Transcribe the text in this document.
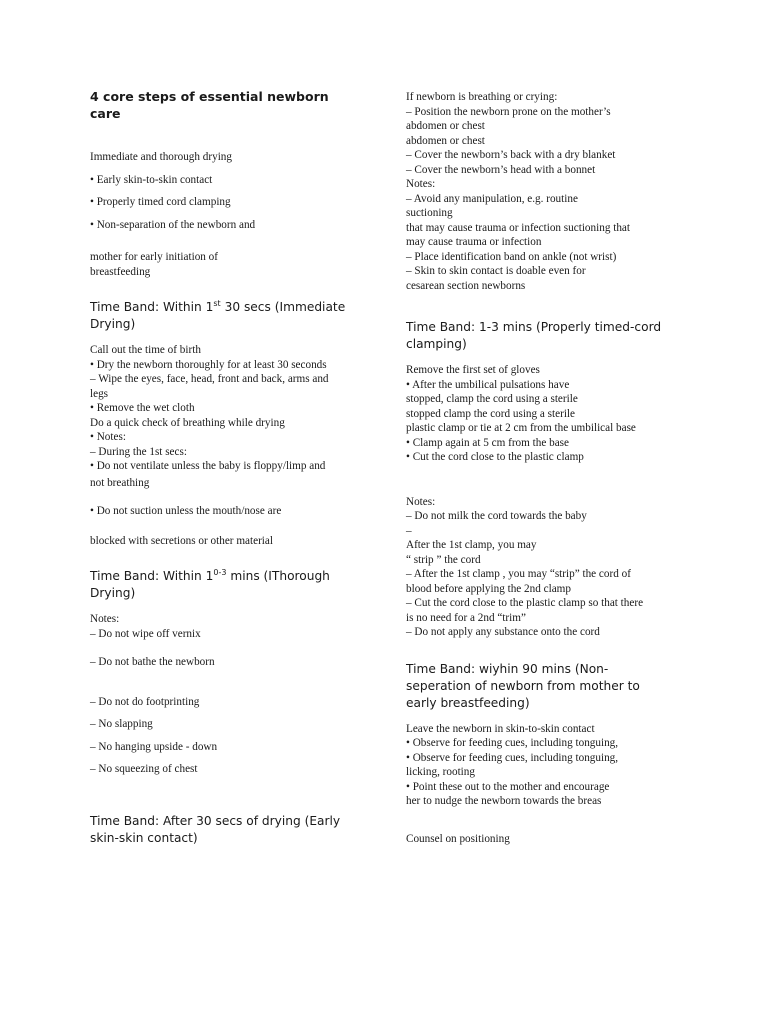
4 core steps of essential newborn care

Immediate and thorough drying
• Early skin-to-skin contact
• Properly timed cord clamping
• Non-separation of the newborn and
mother for early initiation of
breastfeeding

Time Band: Within 1st 30 secs (Immediate
Drying)

Call out the time of birth
• Dry the newborn thoroughly for at least 30 seconds
– Wipe the eyes, face, head, front and back, arms and
legs
• Remove the wet cloth
Do a quick check of breathing while drying
• Notes:
– During the 1st secs:
• Do not ventilate unless the baby is floppy/limp and
not breathing
• Do not suction unless the mouth/nose are
blocked with secretions or other material

Time Band: Within 1$^{0-3}$ mins (IThorough
Drying)

Notes:
– Do not wipe off vernix
– Do not bathe the newborn
– Do not do footprinting
– No slapping
– No hanging upside - down
– No squeezing of chest

Time Band: After 30 secs of drying (Early
skin-skin contact)

If newborn is breathing or crying:
– Position the newborn prone on the mother’s
abdomen or chest
abdomen or chest
– Cover the newborn’s back with a dry blanket
– Cover the newborn’s head with a bonnet
Notes:
– Avoid any manipulation, e.g. routine
suctioning
that may cause trauma or infection suctioning that
may cause trauma or infection
– Place identification band on ankle (not wrist)
– Skin to skin contact is doable even for
cesarean section newborns

Time Band: 1-3 mins (Properly timed-cord
clamping)

Remove the first set of gloves
• After the umbilical pulsations have
stopped, clamp the cord using a sterile
stopped clamp the cord using a sterile
plastic clamp or tie at 2 cm from the umbilical base
• Clamp again at 5 cm from the base
• Cut the cord close to the plastic clamp
Notes:
– Do not milk the cord towards the baby
–
After the 1st clamp, you may
“ strip ” the cord
– After the 1st clamp , you may “strip” the cord of
blood before applying the 2nd clamp
– Cut the cord close to the plastic clamp so that there
is no need for a 2nd “trim”
– Do not apply any substance onto the cord

Time Band: wiyhin 90 mins (Non-
seperation of newborn from mother to
early breastfeeding)

Leave the newborn in skin-to-skin contact
• Observe for feeding cues, including tonguing,
• Observe for feeding cues, including tonguing,
licking, rooting
• Point these out to the mother and encourage
her to nudge the newborn towards the breas
Counsel on positioning
